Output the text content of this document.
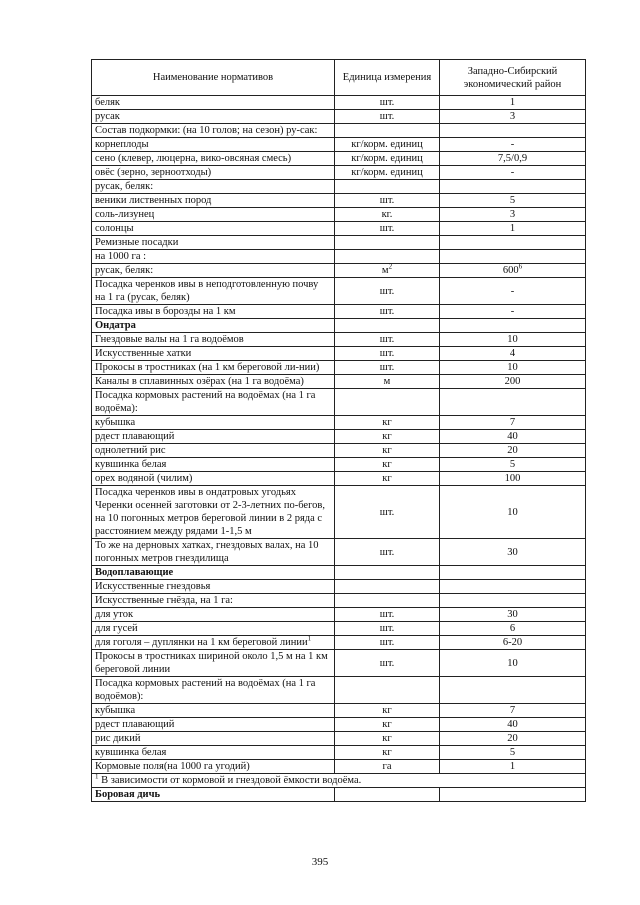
Наименование нормативов	Единица измерения	Западно-Сибирский экономический район
беляк	шт.	1
русак	шт.	3
Состав подкормки: (на 10 голов; на сезон) ру-сак:		
корнеплоды	кг/корм. единиц	-
сено (клевер, люцерна, вико-овсяная смесь)	кг/корм. единиц	7,5/0,9
овёс (зерно, зерноотходы)	кг/корм. единиц	-
русак, беляк:		
веники лиственных пород	шт.	5
соль-лизунец	кг.	3
солонцы	шт.	1
Ремизные посадки		
на 1000 га :		
русак, беляк:	$м^2$	$600^6$
Посадка черенков ивы в неподготовленную почву на 1 га (русак, беляк)	шт.	-
Посадка ивы в борозды на 1 км	шт.	-
Ондатра		
Гнездовые валы на 1 га водоёмов	шт.	10
Искусственные хатки	шт.	4
Прокосы в тростниках (на 1 км береговой ли-нии)	шт.	10
Каналы в сплавинных озёрах (на 1 га водоёма)	м	200
Посадка кормовых растений на водоёмах (на 1 га водоёма):		
кубышка	кг	7
рдест плавающий	кг	40
однолетний рис	кг	20
кувшинка белая	кг	5
орех водяной (чилим)	кг	100
Посадка черенков ивы в ондатровых угодьях Черенки осенней заготовки от 2-3-летних по-бегов, на 10 погонных метров береговой линии в 2 ряда с расстоянием между рядами 1-1,5 м	шт.	10
То же на дерновых хатках, гнездовых валах, на 10 погонных метров гнездилища	шт.	30
Водоплавающие		
Искусственные гнездовья		
Искусственные гнёзда, на 1 га:		
для уток	шт.	30
для гусей	шт.	6
для гоголя – дуплянки на 1 км береговой линии$^1$	шт.	6-20
Прокосы в тростниках шириной около 1,5 м на 1 км береговой линии	шт.	10
Посадка кормовых растений на водоёмах (на 1 га водоёмов):		
кубышка	кг	7
рдест плавающий	кг	40
рис дикий	кг	20
кувшинка белая	кг	5
Кормовые поля(на 1000 га угодий)	га	1
$^1$ В зависимости от кормовой и гнездовой ёмкости водоёма.		
Боровая дичь		
395
